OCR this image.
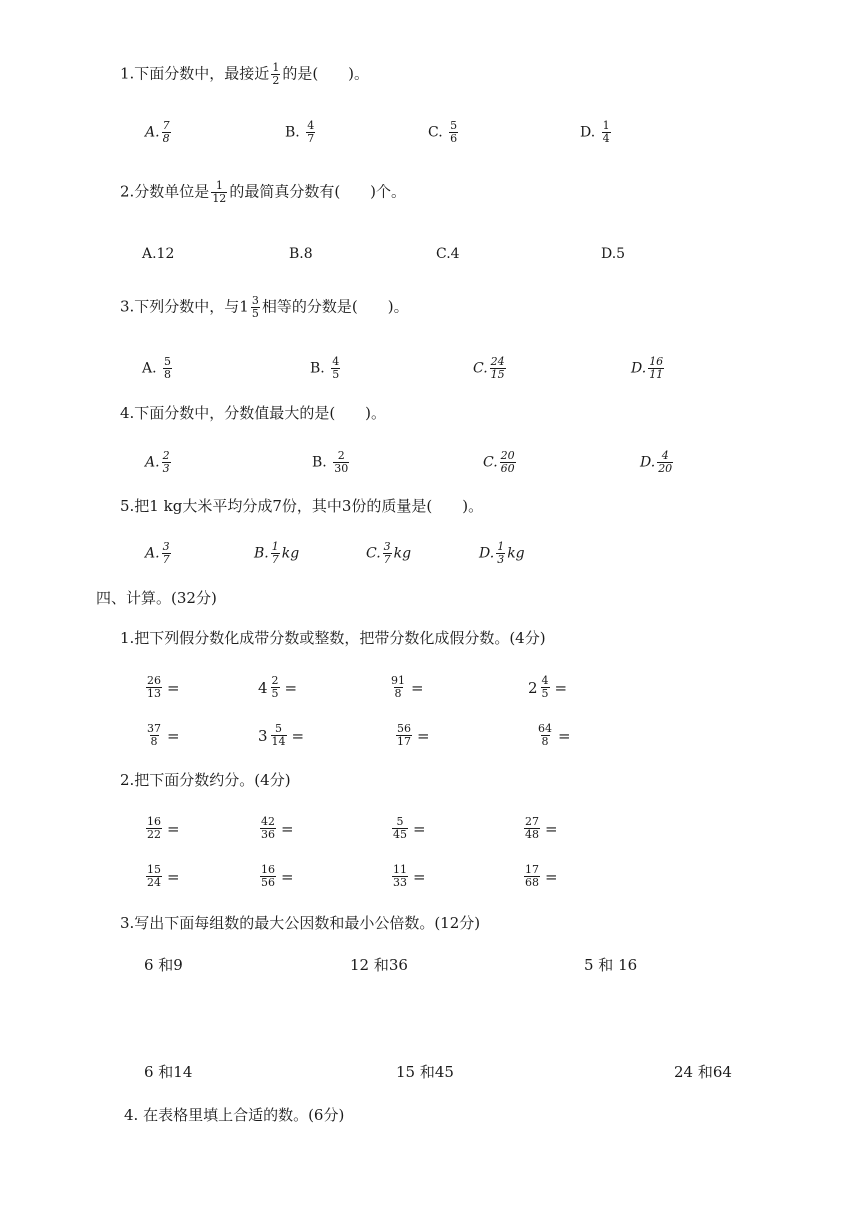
1.下面分数中，最接近 $\frac{1}{2}$ 的是(　　)。
A. $\frac{7}{8}$	B. $\frac{4}{7}$	C. $\frac{5}{6}$	D. $\frac{1}{4}$
2.分数单位是 $\frac{1}{12}$ 的最简真分数有(　　)个。
A.12	B.8	C.4	D.5
3.下列分数中，与$1 \frac{3}{5}$ 相等的分数是(　　)。
A. $\frac{5}{8}$	B. $\frac{4}{5}$	C. $\frac{24}{15}$	D. $\frac{16}{11}$
4.下面分数中，分数值最大的是(　　)。
A. $\frac{2}{3}$	B. $\frac{2}{30}$	C. $\frac{20}{60}$	D. $\frac{4}{20}$
5.把1 kg大米平均分成7份，其中3份的质量是(　　)。
A. $\frac{3}{7}$	B. $\frac{1}{7}$ kg	C. $\frac{3}{7}$ kg	D. $\frac{1}{3}$ kg
四、计算。(32分)
1.把下列假分数化成带分数或整数，把带分数化成假分数。(4分)
$\frac{26}{13}$ =	$4 \frac{2}{5}$ =	$\frac{91}{8}$ =	$2 \frac{4}{5}$ =
$\frac{37}{8}$ =	$3 \frac{5}{14}$ =	$\frac{56}{17}$ =	$\frac{64}{8}$ =
2.把下面分数约分。(4分)
$\frac{16}{22}$ =	$\frac{42}{36}$ =	$\frac{5}{45}$ =	$\frac{27}{48}$ =
$\frac{15}{24}$ =	$\frac{16}{56}$ =	$\frac{11}{33}$ =	$\frac{17}{68}$ =
3.写出下面每组数的最大公因数和最小公倍数。(12分)
6 和9	12 和36	5 和 16
6 和14	15 和45	24 和64
4. 在表格里填上合适的数。(6分)
